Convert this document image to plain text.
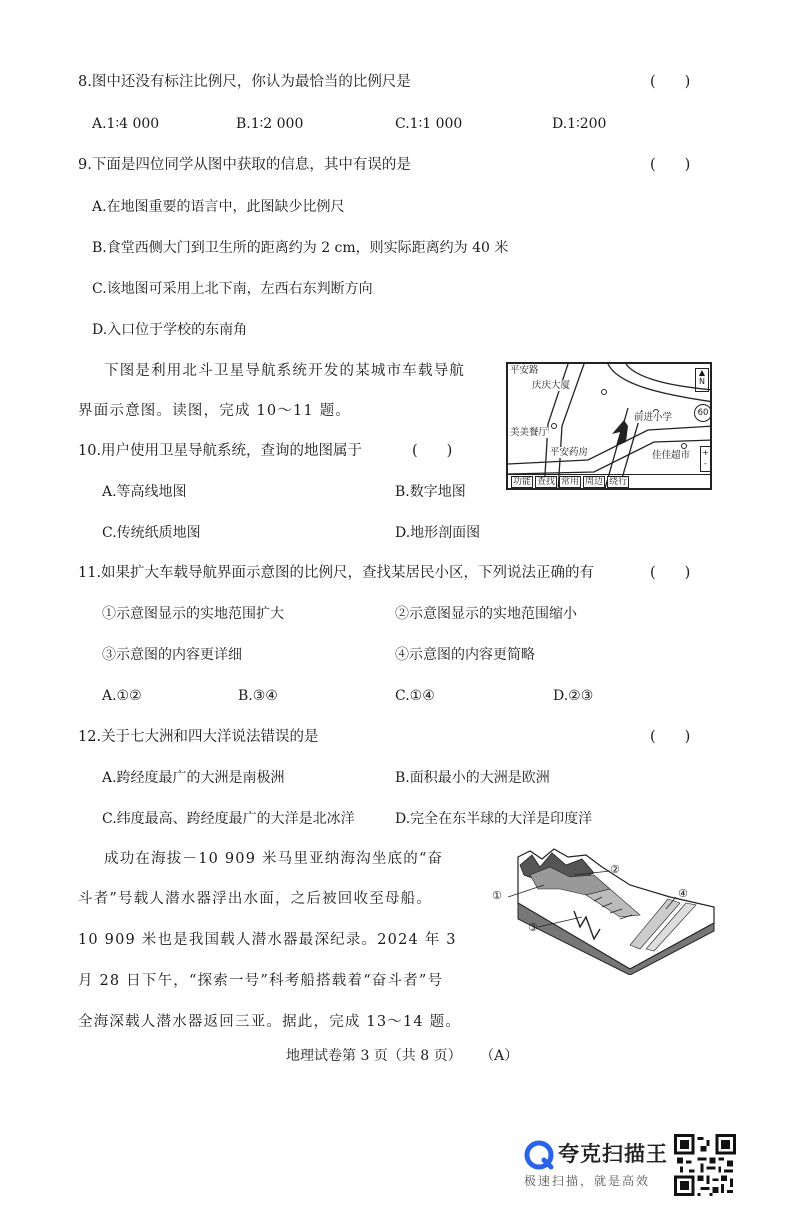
8.图中还没有标注比例尺，你认为最恰当的比例尺是	(　　)
A.1∶4 000	B.1∶2 000	C.1∶1 000	D.1∶200
9.下面是四位同学从图中获取的信息，其中有误的是	(　　)
A.在地图重要的语言中，此图缺少比例尺
B.食堂西侧大门到卫生所的距离约为 2 cm，则实际距离约为 40 米
C.该地图可采用上北下南，左西右东判断方向
D.入口位于学校的东南角
下图是利用北斗卫星导航系统开发的某城市车载导航
界面示意图。读图，完成 10～11 题。
平安路
庆庆大厦
美美餐厅
前进小学
平安药房	佳佳超市
▲
N
60
+
-
功能 查找 常用 周边 绕行
10.用户使用卫星导航系统，查询的地图属于	(　　)
A.等高线地图	B.数字地图
C.传统纸质地图	D.地形剖面图
11.如果扩大车载导航界面示意图的比例尺，查找某居民小区，下列说法正确的有	(　　)
①示意图显示的实地范围扩大	②示意图显示的实地范围缩小
③示意图的内容更详细	④示意图的内容更简略
A.①②	B.③④	C.①④	D.②③
12.关于七大洲和四大洋说法错误的是	(　　)
A.跨经度最广的大洲是南极洲	B.面积最小的大洲是欧洲
C.纬度最高、跨经度最广的大洋是北冰洋	D.完全在东半球的大洋是印度洋
成功在海拔－10 909 米马里亚纳海沟坐底的“奋
斗者”号载人潜水器浮出水面，之后被回收至母船。
10 909 米也是我国载人潜水器最深纪录。2024 年 3
月 28 日下午，“探索一号”科考船搭载着“奋斗者”号
全海深载人潜水器返回三亚。据此，完成 13～14 题。
①
②
③
④
地理试卷第 3 页（共 8 页） （A）
夸克扫描王
极速扫描，就是高效
